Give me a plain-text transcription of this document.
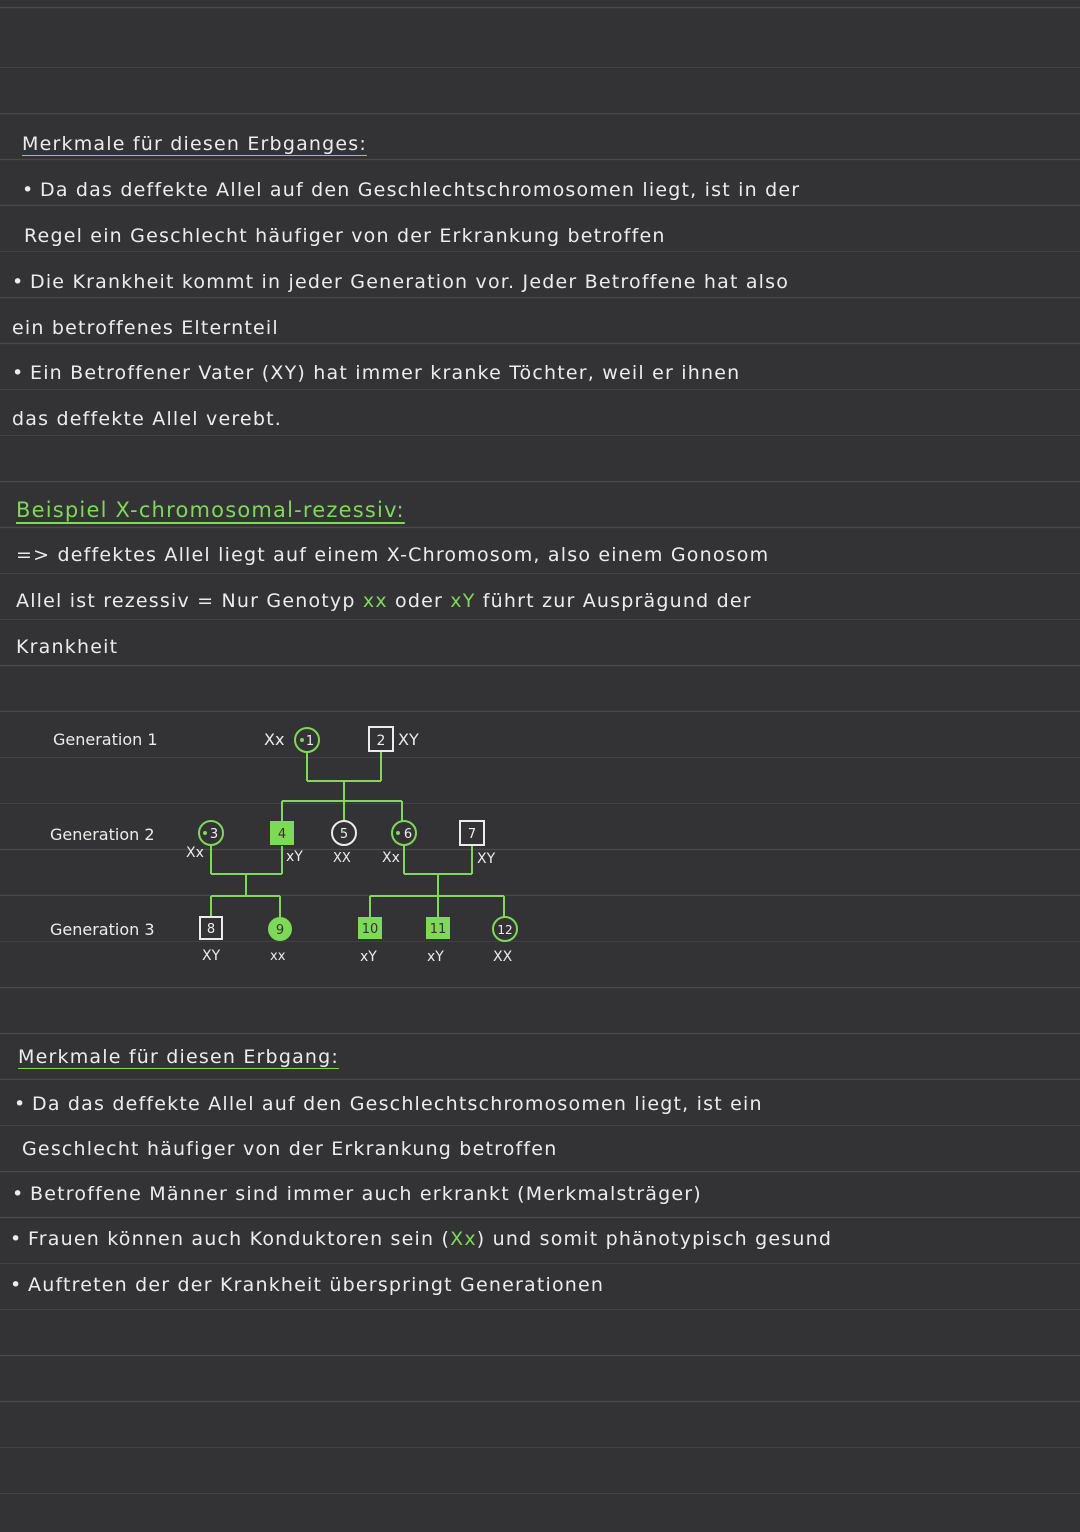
Merkmale für diesen Erbganges:
• Da das deffekte Allel auf den Geschlechtschromosomen liegt, ist in der
Regel ein Geschlecht häufiger von der Erkrankung betroffen
• Die Krankheit kommt in jeder Generation vor. Jeder Betroffene hat also
ein betroffenes Elternteil
• Ein Betroffener Vater (XY) hat immer kranke Töchter, weil er ihnen
das deffekte Allel verebt.
Beispiel X-chromosomal-rezessiv:
=> deffektes Allel liegt auf einem X-Chromosom, also einem Gonosom
Allel ist rezessiv = Nur Genotyp xx oder xY führt zur Ausprägund der
Krankheit
Generation 1
Generation 2
Generation 3
1
Xx	2 XY
3
Xx
4
xY
5
XX
6
Xx
7
XY
8
XY
9
xx
10
xY
11
xY
12
XX
Merkmale für diesen Erbgang:
• Da das deffekte Allel auf den Geschlechtschromosomen liegt, ist ein
Geschlecht häufiger von der Erkrankung betroffen
• Betroffene Männer sind immer auch erkrankt (Merkmalsträger)
• Frauen können auch Konduktoren sein (Xx) und somit phänotypisch gesund
• Auftreten der der Krankheit überspringt Generationen
